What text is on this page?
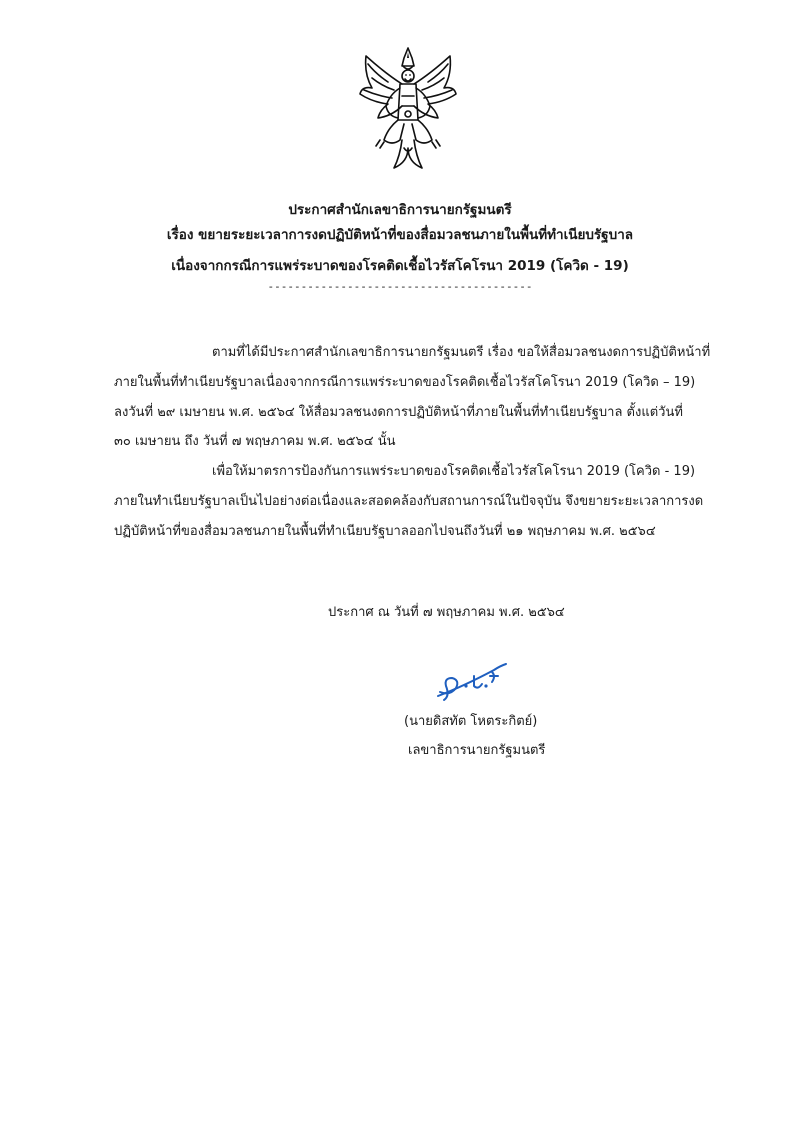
ประกาศสำนักเลขาธิการนายกรัฐมนตรี
เรื่อง ขยายระยะเวลาการงดปฏิบัติหน้าที่ของสื่อมวลชนภายในพื้นที่ทำเนียบรัฐบาล
เนื่องจากกรณีการแพร่ระบาดของโรคติดเชื้อไวรัสโคโรนา 2019 (โควิด - 19)
----------------------------------------
ตามที่ได้มีประกาศสำนักเลขาธิการนายกรัฐมนตรี เรื่อง ขอให้สื่อมวลชนงดการปฏิบัติหน้าที่
ภายในพื้นที่ทำเนียบรัฐบาลเนื่องจากกรณีการแพร่ระบาดของโรคติดเชื้อไวรัสโคโรนา 2019 (โควิด – 19)
ลงวันที่ ๒๙ เมษายน พ.ศ. ๒๕๖๔ ให้สื่อมวลชนงดการปฏิบัติหน้าที่ภายในพื้นที่ทำเนียบรัฐบาล ตั้งแต่วันที่
๓๐ เมษายน ถึง วันที่ ๗ พฤษภาคม พ.ศ. ๒๕๖๔ นั้น
เพื่อให้มาตรการป้องกันการแพร่ระบาดของโรคติดเชื้อไวรัสโคโรนา 2019 (โควิด - 19)
ภายในทำเนียบรัฐบาลเป็นไปอย่างต่อเนื่องและสอดคล้องกับสถานการณ์ในปัจจุบัน จึงขยายระยะเวลาการงด
ปฏิบัติหน้าที่ของสื่อมวลชนภายในพื้นที่ทำเนียบรัฐบาลออกไปจนถึงวันที่ ๒๑ พฤษภาคม พ.ศ. ๒๕๖๔
ประกาศ ณ วันที่ ๗ พฤษภาคม พ.ศ. ๒๕๖๔
(นายดิสทัต โหตระกิตย์)
เลขาธิการนายกรัฐมนตรี
